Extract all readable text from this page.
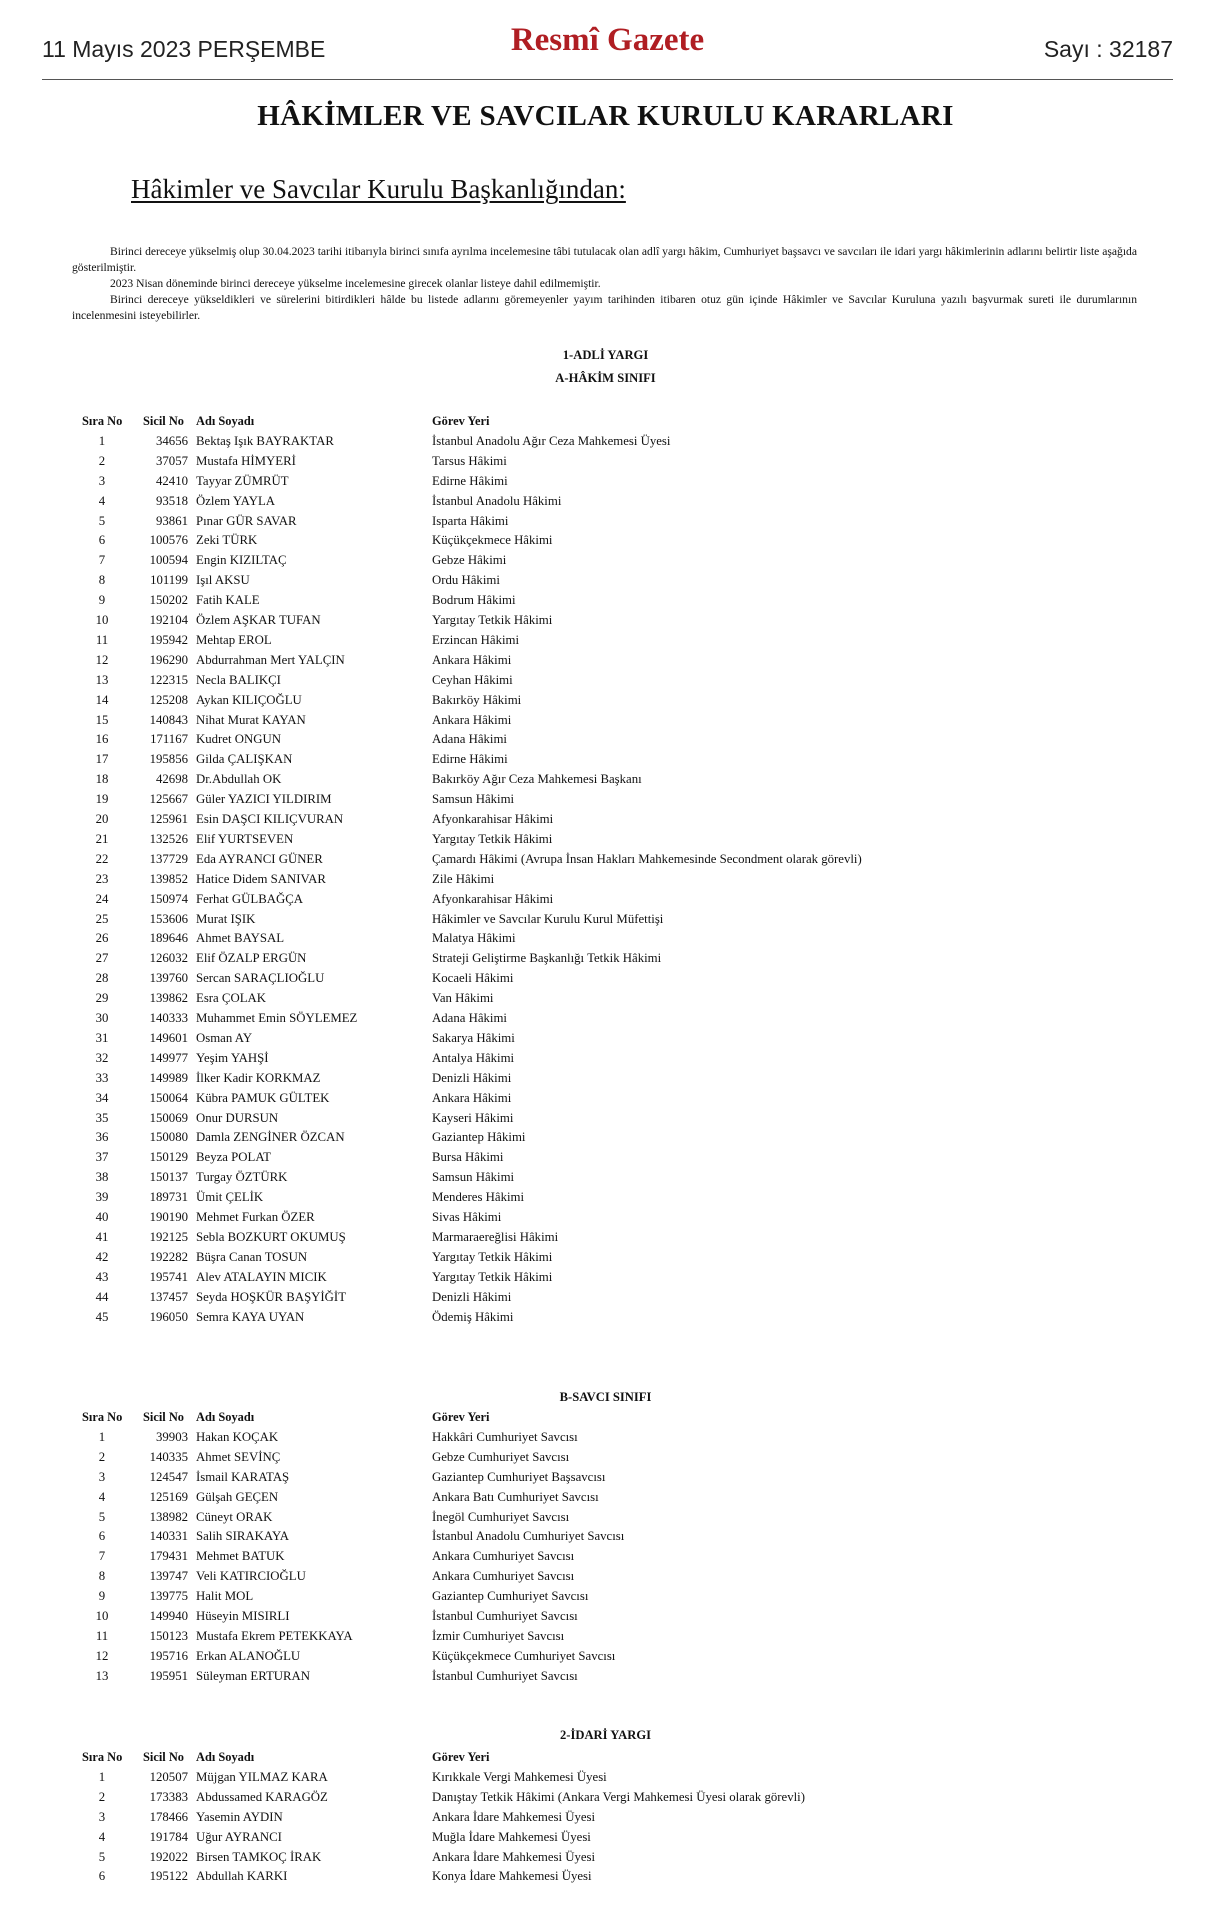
11 Mayıs 2023 PERŞEMBE	Resmî Gazete	Sayı : 32187
HÂKİMLER VE SAVCILAR KURULU KARARLARI
Hâkimler ve Savcılar Kurulu Başkanlığından:

Birinci dereceye yükselmiş olup 30.04.2023 tarihi itibarıyla birinci sınıfa ayrılma incelemesine tâbi tutulacak olan adlî yargı hâkim, Cumhuriyet başsavcı ve savcıları ile idari yargı hâkimlerinin adlarını belirtir liste aşağıda gösterilmiştir.

2023 Nisan döneminde birinci dereceye yükselme incelemesine girecek olanlar listeye dahil edilmemiştir.

Birinci dereceye yükseldikleri ve sürelerini bitirdikleri hâlde bu listede adlarını göremeyenler yayım tarihinden itibaren otuz gün içinde Hâkimler ve Savcılar Kuruluna yazılı başvurmak sureti ile durumlarının incelenmesini isteyebilirler.

1-ADLİ YARGI
A-HÂKİM SINIFI
Sıra No	Sicil No Adı Soyadı	Görev Yeri
1	34656 Bektaş Işık BAYRAKTAR	İstanbul Anadolu Ağır Ceza Mahkemesi Üyesi
2	37057 Mustafa HİMYERİ	Tarsus Hâkimi
3	42410 Tayyar ZÜMRÜT	Edirne Hâkimi
4	93518 Özlem YAYLA	İstanbul Anadolu Hâkimi
5	93861 Pınar GÜR SAVAR	Isparta Hâkimi
6	100576 Zeki TÜRK	Küçükçekmece Hâkimi
7	100594 Engin KIZILTAÇ	Gebze Hâkimi
8	101199 Işıl AKSU	Ordu Hâkimi
9	150202 Fatih KALE	Bodrum Hâkimi
10	192104 Özlem AŞKAR TUFAN	Yargıtay Tetkik Hâkimi
11	195942 Mehtap EROL	Erzincan Hâkimi
12	196290 Abdurrahman Mert YALÇIN	Ankara Hâkimi
13	122315 Necla BALIKÇI	Ceyhan Hâkimi
14	125208 Aykan KILIÇOĞLU	Bakırköy Hâkimi
15	140843 Nihat Murat KAYAN	Ankara Hâkimi
16	171167 Kudret ONGUN	Adana Hâkimi
17	195856 Gilda ÇALIŞKAN	Edirne Hâkimi
18	42698 Dr.Abdullah OK	Bakırköy Ağır Ceza Mahkemesi Başkanı
19	125667 Güler YAZICI YILDIRIM	Samsun Hâkimi
20	125961 Esin DAŞCI KILIÇVURAN	Afyonkarahisar Hâkimi
21	132526 Elif YURTSEVEN	Yargıtay Tetkik Hâkimi
22	137729 Eda AYRANCI GÜNER	Çamardı Hâkimi (Avrupa İnsan Hakları Mahkemesinde Secondment olarak görevli)
23	139852 Hatice Didem SANIVAR	Zile Hâkimi
24	150974 Ferhat GÜLBAĞÇA	Afyonkarahisar Hâkimi
25	153606 Murat IŞIK	Hâkimler ve Savcılar Kurulu Kurul Müfettişi
26	189646 Ahmet BAYSAL	Malatya Hâkimi
27	126032 Elif ÖZALP ERGÜN	Strateji Geliştirme Başkanlığı Tetkik Hâkimi
28	139760 Sercan SARAÇLIOĞLU	Kocaeli Hâkimi
29	139862 Esra ÇOLAK	Van Hâkimi
30	140333 Muhammet Emin SÖYLEMEZ	Adana Hâkimi
31	149601 Osman AY	Sakarya Hâkimi
32	149977 Yeşim YAHŞİ	Antalya Hâkimi
33	149989 İlker Kadir KORKMAZ	Denizli Hâkimi
34	150064 Kübra PAMUK GÜLTEK	Ankara Hâkimi
35	150069 Onur DURSUN	Kayseri Hâkimi
36	150080 Damla ZENGİNER ÖZCAN	Gaziantep Hâkimi
37	150129 Beyza POLAT	Bursa Hâkimi
38	150137 Turgay ÖZTÜRK	Samsun Hâkimi
39	189731 Ümit ÇELİK	Menderes Hâkimi
40	190190 Mehmet Furkan ÖZER	Sivas Hâkimi
41	192125 Sebla BOZKURT OKUMUŞ	Marmaraereğlisi Hâkimi
42	192282 Büşra Canan TOSUN	Yargıtay Tetkik Hâkimi
43	195741 Alev ATALAYIN MICIK	Yargıtay Tetkik Hâkimi
44	137457 Seyda HOŞKÜR BAŞYİĞİT	Denizli Hâkimi
45	196050 Semra KAYA UYAN	Ödemiş Hâkimi
B-SAVCI SINIFI
Sıra No	Sicil No Adı Soyadı	Görev Yeri
1	39903 Hakan KOÇAK	Hakkâri Cumhuriyet Savcısı
2	140335 Ahmet SEVİNÇ	Gebze Cumhuriyet Savcısı
3	124547 İsmail KARATAŞ	Gaziantep Cumhuriyet Başsavcısı
4	125169 Gülşah GEÇEN	Ankara Batı Cumhuriyet Savcısı
5	138982 Cüneyt ORAK	İnegöl Cumhuriyet Savcısı
6	140331 Salih SIRAKAYA	İstanbul Anadolu Cumhuriyet Savcısı
7	179431 Mehmet BATUK	Ankara Cumhuriyet Savcısı
8	139747 Veli KATIRCIOĞLU	Ankara Cumhuriyet Savcısı
9	139775 Halit MOL	Gaziantep Cumhuriyet Savcısı
10	149940 Hüseyin MISIRLI	İstanbul Cumhuriyet Savcısı
11	150123 Mustafa Ekrem PETEKKAYA	İzmir Cumhuriyet Savcısı
12	195716 Erkan ALANOĞLU	Küçükçekmece Cumhuriyet Savcısı
13	195951 Süleyman ERTURAN	İstanbul Cumhuriyet Savcısı
2-İDARİ YARGI
Sıra No	Sicil No Adı Soyadı	Görev Yeri
1	120507 Müjgan YILMAZ KARA	Kırıkkale Vergi Mahkemesi Üyesi
2	173383 Abdussamed KARAGÖZ	Danıştay Tetkik Hâkimi (Ankara Vergi Mahkemesi Üyesi olarak görevli)
3	178466 Yasemin AYDIN	Ankara İdare Mahkemesi Üyesi
4	191784 Uğur AYRANCI	Muğla İdare Mahkemesi Üyesi
5	192022 Birsen TAMKOÇ İRAK	Ankara İdare Mahkemesi Üyesi
6	195122 Abdullah KARKI	Konya İdare Mahkemesi Üyesi
